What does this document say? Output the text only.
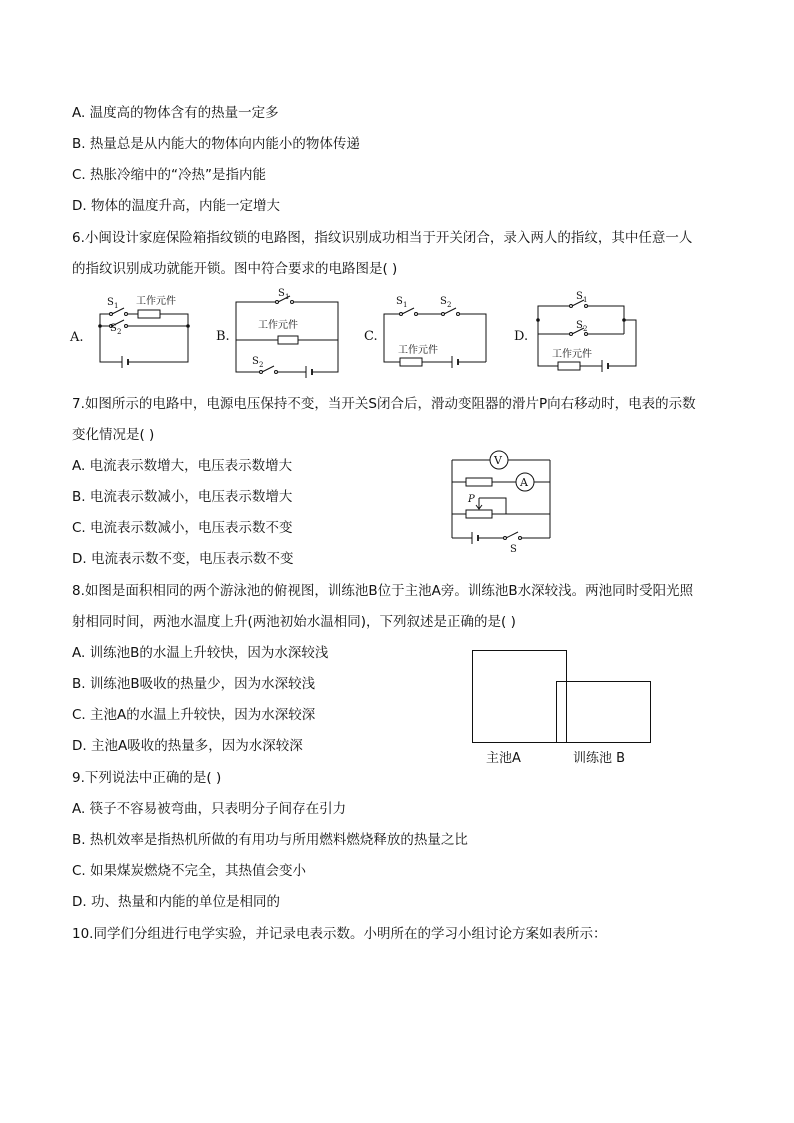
A. 温度高的物体含有的热量一定多
B. 热量总是从内能大的物体向内能小的物体传递
C. 热胀冷缩中的“冷热”是指内能
D. 物体的温度升高，内能一定增大
6.小闽设计家庭保险箱指纹锁的电路图，指纹识别成功相当于开关闭合，录入两人的指纹，其中任意一人
的指纹识别成功就能开锁。图中符合要求的电路图是( )
A.
S 1 工作元件
S 2	B.
S 1
工作元件
S 2
C.
S 1	S 2
工作元件
D.
S 1
S 2
工作元件
7.如图所示的电路中，电源电压保持不变，当开关S闭合后，滑动变阻器的滑片P向右移动时，电表的示数
变化情况是( )
A. 电流表示数增大，电压表示数增大
B. 电流表示数减小，电压表示数增大
C. 电流表示数减小，电压表示数不变
D. 电流表示数不变，电压表示数不变
V
A
P
S
8.如图是面积相同的两个游泳池的俯视图，训练池B位于主池A旁。训练池B水深较浅。两池同时受阳光照
射相同时间，两池水温度上升(两池初始水温相同)，下列叙述是正确的是( )
A. 训练池B的水温上升较快，因为水深较浅
B. 训练池B吸收的热量少，因为水深较浅
C. 主池A的水温上升较快，因为水深较深
D. 主池A吸收的热量多，因为水深较深
主池A	训练池 B
9.下列说法中正确的是( )
A. 筷子不容易被弯曲，只表明分子间存在引力
B. 热机效率是指热机所做的有用功与所用燃料燃烧释放的热量之比
C. 如果煤炭燃烧不完全，其热值会变小
D. 功、热量和内能的单位是相同的
10.同学们分组进行电学实验，并记录电表示数。小明所在的学习小组讨论方案如表所示：
